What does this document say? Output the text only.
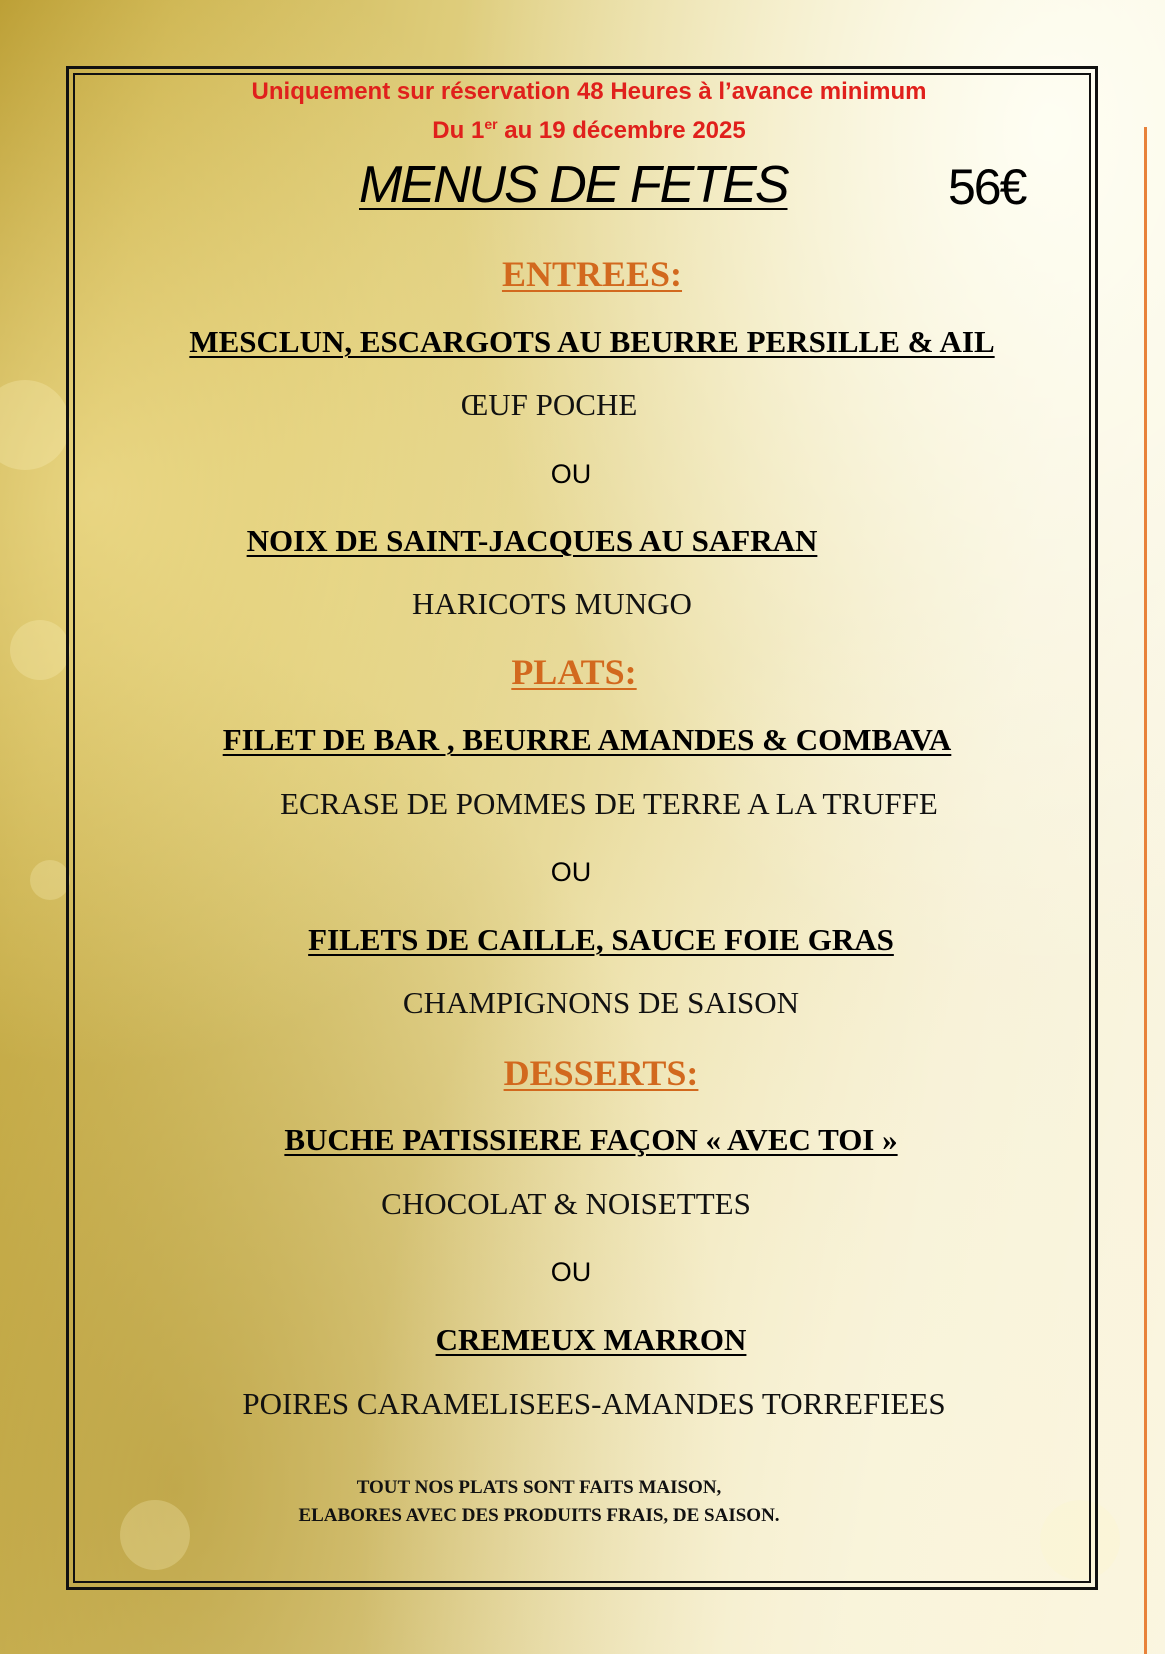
Uniquement sur réservation 48 Heures à l’avance minimum
Du 1er au 19 décembre 2025
MENUS DE FETES	56€
ENTREES:
MESCLUN, ESCARGOTS AU BEURRE PERSILLE & AIL
ŒUF POCHE
OU
NOIX DE SAINT-JACQUES AU SAFRAN
HARICOTS MUNGO
PLATS:
FILET DE BAR , BEURRE AMANDES & COMBAVA
ECRASE DE POMMES DE TERRE A LA TRUFFE
OU
FILETS DE CAILLE, SAUCE FOIE GRAS
CHAMPIGNONS DE SAISON
DESSERTS:
BUCHE PATISSIERE FAÇON « AVEC TOI »
CHOCOLAT & NOISETTES
OU
CREMEUX MARRON
POIRES CARAMELISEES-AMANDES TORREFIEES
TOUT NOS PLATS SONT FAITS MAISON,
ELABORES AVEC DES PRODUITS FRAIS, DE SAISON.
